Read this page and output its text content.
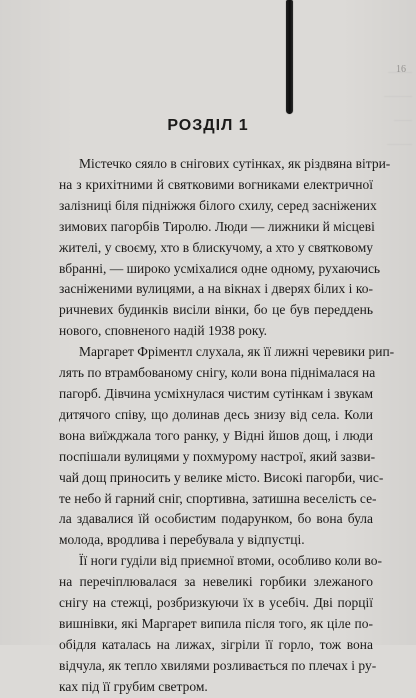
16
РОЗДІЛ 1
Містечко сяяло в снігових сутінках, як різдвяна вітри-
на з крихітними й святковими вогниками електричної
залізниці біля підніжжя білого схилу, серед засніжених
зимових пагорбів Тиролю. Люди — лижники й місцеві
жителі, у своєму, хто в блискучому, а хто у святковому
вбранні, — широко усміхалися одне одному, рухаючись
засніженими вулицями, а на вікнах і дверях білих і ко-
ричневих будинків висіли вінки, бо це був переддень
нового, сповненого надій 1938 року.
Маргарет Фріментл слухала, як її лижні черевики рип-
лять по втрамбованому снігу, коли вона піднімалася на
пагорб. Дівчина усміхнулася чистим сутінкам і звукам
дитячого співу, що долинав десь знизу від села. Коли
вона виїжджала того ранку, у Відні йшов дощ, і люди
поспішали вулицями у похмурому настрої, який зазви-
чай дощ приносить у велике місто. Високі пагорби, чис-
те небо й гарний сніг, спортивна, затишна веселість се-
ла здавалися їй особистим подарунком, бо вона була
молода, вродлива і перебувала у відпустці.
Її ноги гуділи від приємної втоми, особливо коли во-
на перечіплювалася за невеликі горбики злежаного
снігу на стежці, розбризкуючи їх в усебіч. Дві порції
вишнівки, які Маргарет випила після того, як ціле по-
обідля каталась на лижах, зігріли її горло, тож вона
відчула, як тепло хвилями розливається по плечах і ру-
ках під її грубим светром.
